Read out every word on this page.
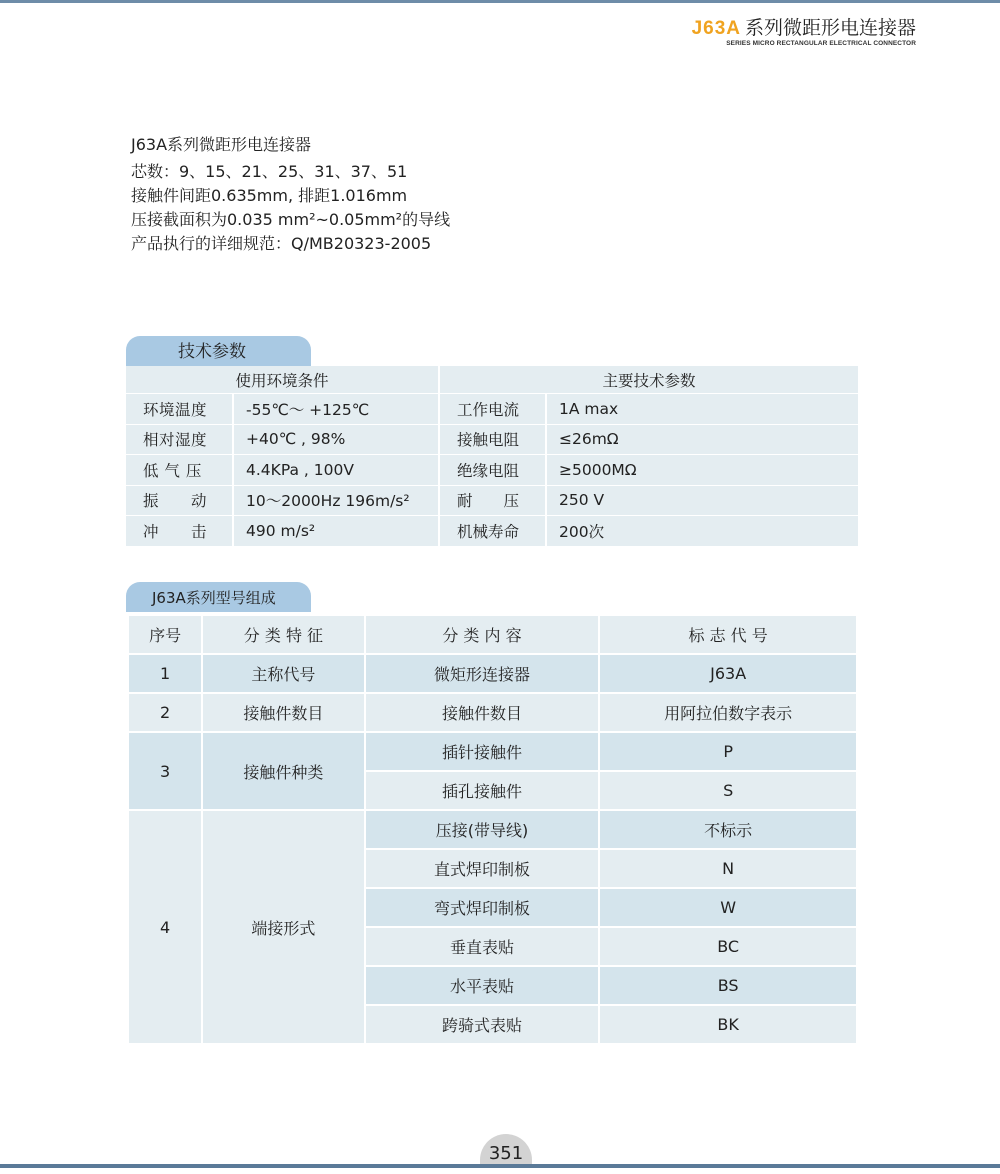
J63A 系列微距形电连接器
SERIES MICRO RECTANGULAR ELECTRICAL CONNECTOR
J63A系列微距形电连接器
芯数：9、15、21、25、31、37、51
接触件间距0.635mm, 排距1.016mm
压接截面积为0.035 mm²~0.05mm²的导线
产品执行的详细规范：Q/MB20323-2005
技术参数
使用环境条件		主要技术参数	
环境温度	-55℃～ +125℃	工作电流	1A max
相对湿度	+40℃ , 98%	接触电阻	≤26mΩ
低 气 压	4.4KPa , 100V	绝缘电阻	≥5000MΩ
振　　动	10～2000Hz 196m/s²	耐　　压	250 V
冲　　击	490 m/s²	机械寿命	200次
J63A系列型号组成
序号	分 类 特 征	分 类 内 容	标 志 代 号
1	主称代号	微矩形连接器	J63A
2	接触件数目	接触件数目	用阿拉伯数字表示
3	接触件种类	插针接触件	P
		插孔接触件	S
4	端接形式	压接(带导线)	不标示
		直式焊印制板	N
		弯式焊印制板	W
		垂直表贴	BC
		水平表贴	BS
		跨骑式表贴	BK
351
